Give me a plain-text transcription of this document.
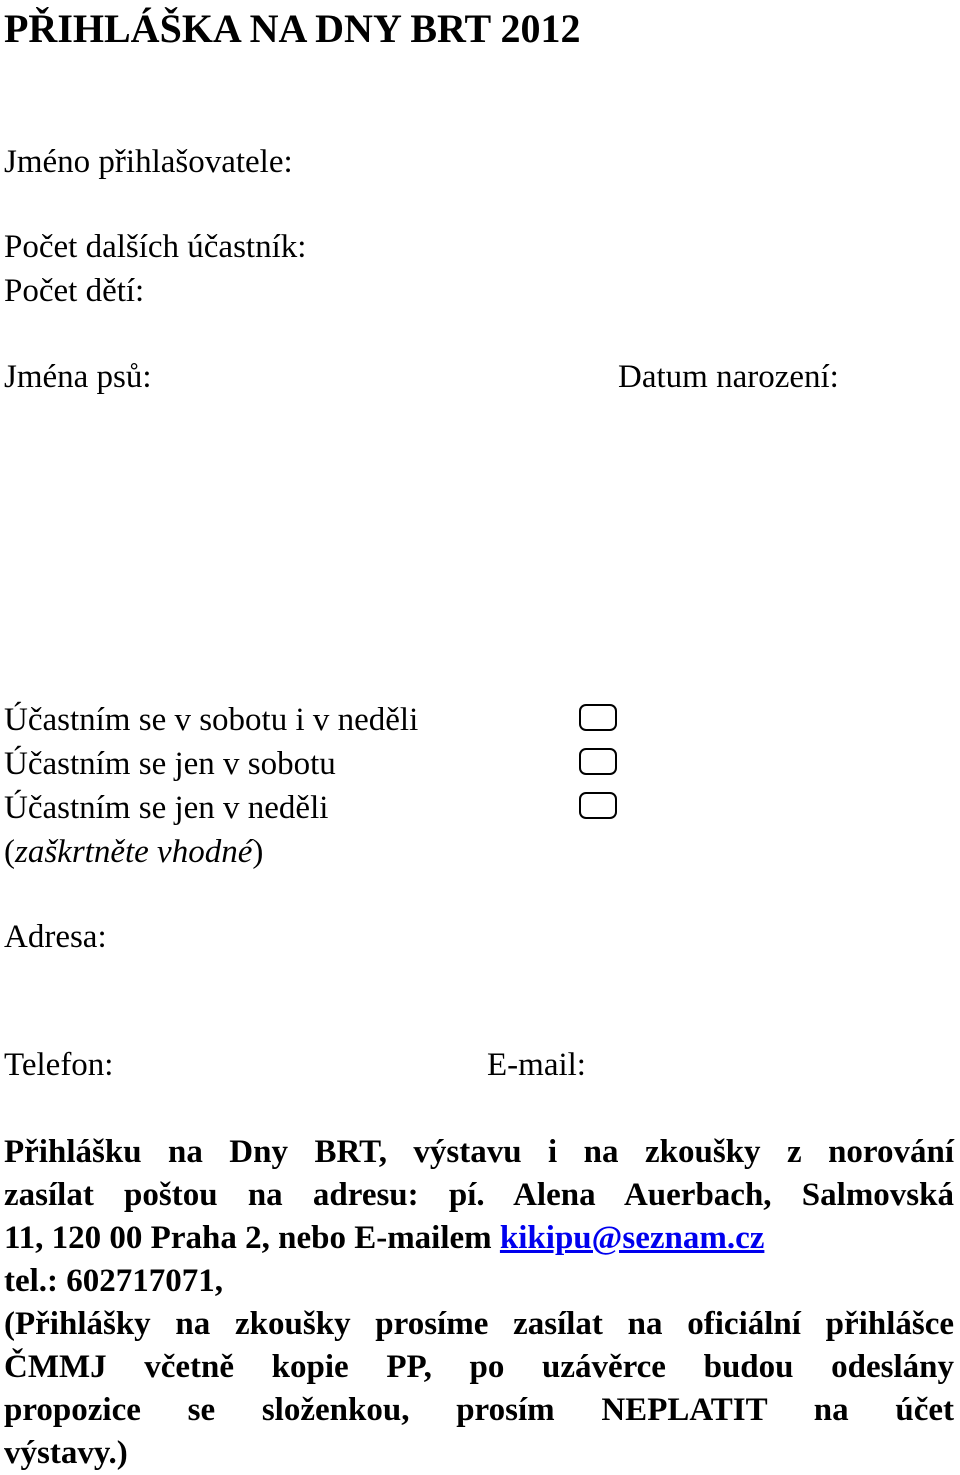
PŘIHLÁŠKA NA DNY BRT 2012
Jméno přihlašovatele:
Počet dalších účastník:
Počet dětí:
Jména psů:	Datum narození:
Účastním se v sobotu i v neděli
Účastním se jen v sobotu
Účastním se jen v neděli
(zaškrtněte vhodné)
Adresa:
Telefon:	E-mail:
Přihlášku na Dny BRT, výstavu i na zkoušky z norování
zasílat poštou na adresu: pí. Alena Auerbach, Salmovská
11, 120 00 Praha 2, nebo E-mailem kikipu@seznam.cz
tel.: 602717071,
(Přihlášky na zkoušky prosíme zasílat na oficiální přihlášce
ČMMJ včetně kopie PP, po uzávěrce budou odeslány
propozice se složenkou, prosím NEPLATIT na účet
výstavy.)
